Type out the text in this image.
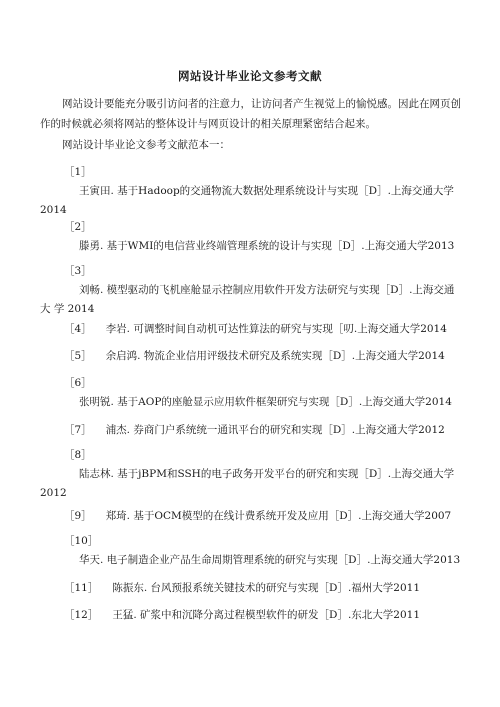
网站设计毕业论文参考文献

网站设计要能充分吸引访问者的注意力，让访问者产生视觉上的愉悦感。因此在网页创作的时候就必须将网站的整体设计与网页设计的相关原理紧密结合起来。

网站设计毕业论文参考文献范本一：
［1］
王寅田. 基于Hadoop的交通物流大数据处理系统设计与实现［D］.上海交通大学 2014
［2］
滕勇. 基于WMI的电信营业终端管理系统的设计与实现［D］.上海交通大学2013
［3］
刘畅. 模型驱动的飞机座舱显示控制应用软件开发方法研究与实现［D］.上海交通大 学 2014
［4］ 李岩. 可调整时间自动机可达性算法的研究与实现［叨.上海交通大学2014
［5］ 余启鸿. 物流企业信用评级技术研究及系统实现［D］.上海交通大学2014
［6］
张明锐. 基于AOP的座舱显示应用软件框架研究与实现［D］.上海交通大学2014
［7］ 浦杰. 券商门户系统统一通讯平台的研究和实现［D］.上海交通大学2012
［8］
陆志林. 基于jBPM和SSH的电子政务开发平台的研究和实现［D］.上海交通大学 2012
［9］ 郑琦. 基于OCM模型的在线计费系统开发及应用［D］.上海交通大学2007
［10］
华天. 电子制造企业产品生命周期管理系统的研究与实现［D］.上海交通大学2013
［11］ 陈振东. 台风预报系统关键技术的研究与实现［D］.福州大学2011
［12］ 王猛. 矿浆中和沉降分离过程模型软件的研发［D］.东北大学2011
